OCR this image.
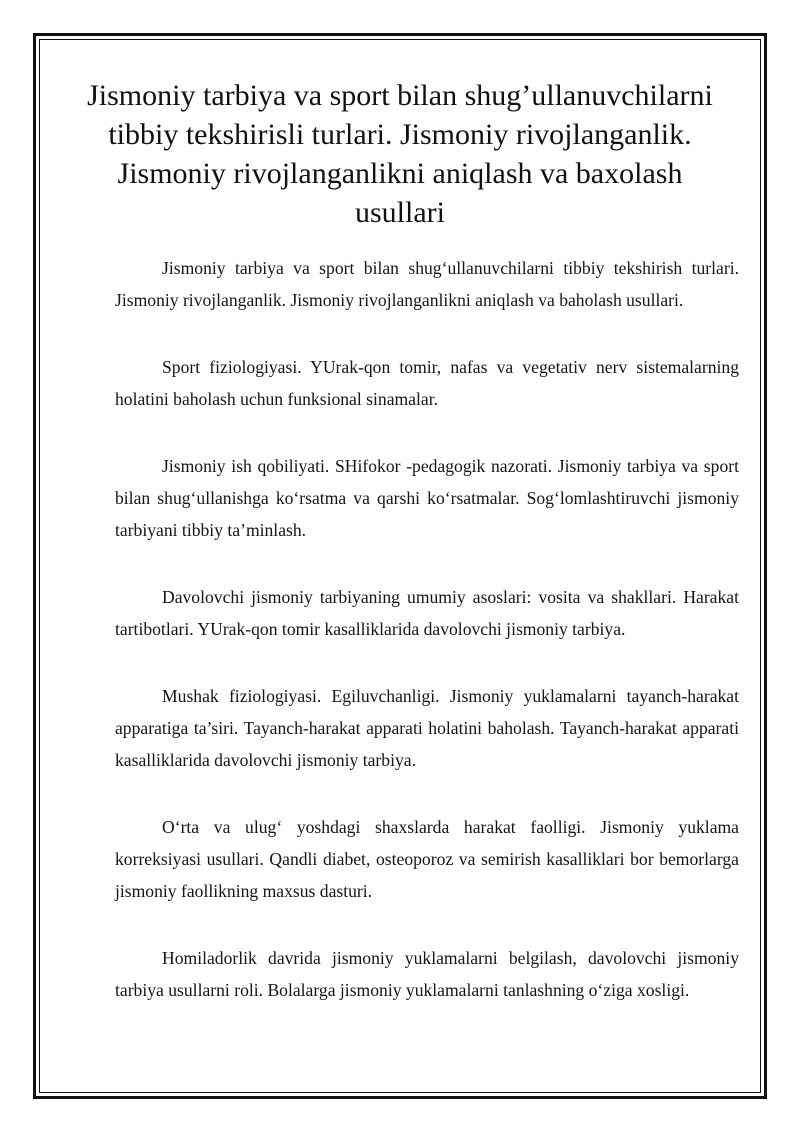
Jismoniy tarbiya va sport bilan shug’ullanuvchilarni tibbiy tekshirisli turlari. Jismoniy rivojlanganlik. Jismoniy rivojlanganlikni aniqlash va baxolash usullari

Jismoniy tarbiya va sport bilan shug‘ullanuvchilarni tibbiy tekshirish turlari. Jismoniy rivojlanganlik. Jismoniy rivojlanganlikni aniqlash va baholash usullari.

Sport fiziologiyasi. YUrak-qon tomir, nafas va vegetativ nerv sistemalarning holatini baholash uchun funksional sinamalar.

Jismoniy ish qobiliyati. SHifokor -pedagogik nazorati. Jismoniy tarbiya va sport bilan shug‘ullanishga ko‘rsatma va qarshi ko‘rsatmalar. Sog‘lomlashtiruvchi jismoniy tarbiyani tibbiy ta’minlash.

Davolovchi jismoniy tarbiyaning umumiy asoslari: vosita va shakllari. Harakat tartibotlari. YUrak-qon tomir kasalliklarida davolovchi jismoniy tarbiya.

Mushak fiziologiyasi. Egiluvchanligi. Jismoniy yuklamalarni tayanch-harakat apparatiga ta’siri. Tayanch-harakat apparati holatini baholash. Tayanch-harakat apparati kasalliklarida davolovchi jismoniy tarbiya.

O‘rta va ulug‘ yoshdagi shaxslarda harakat faolligi. Jismoniy yuklama korreksiyasi usullari. Qandli diabet, osteoporoz va semirish kasalliklari bor bemorlarga jismoniy faollikning maxsus dasturi.

Homiladorlik davrida jismoniy yuklamalarni belgilash, davolovchi jismoniy tarbiya usullarni roli. Bolalarga jismoniy yuklamalarni tanlashning o‘ziga xosligi.
